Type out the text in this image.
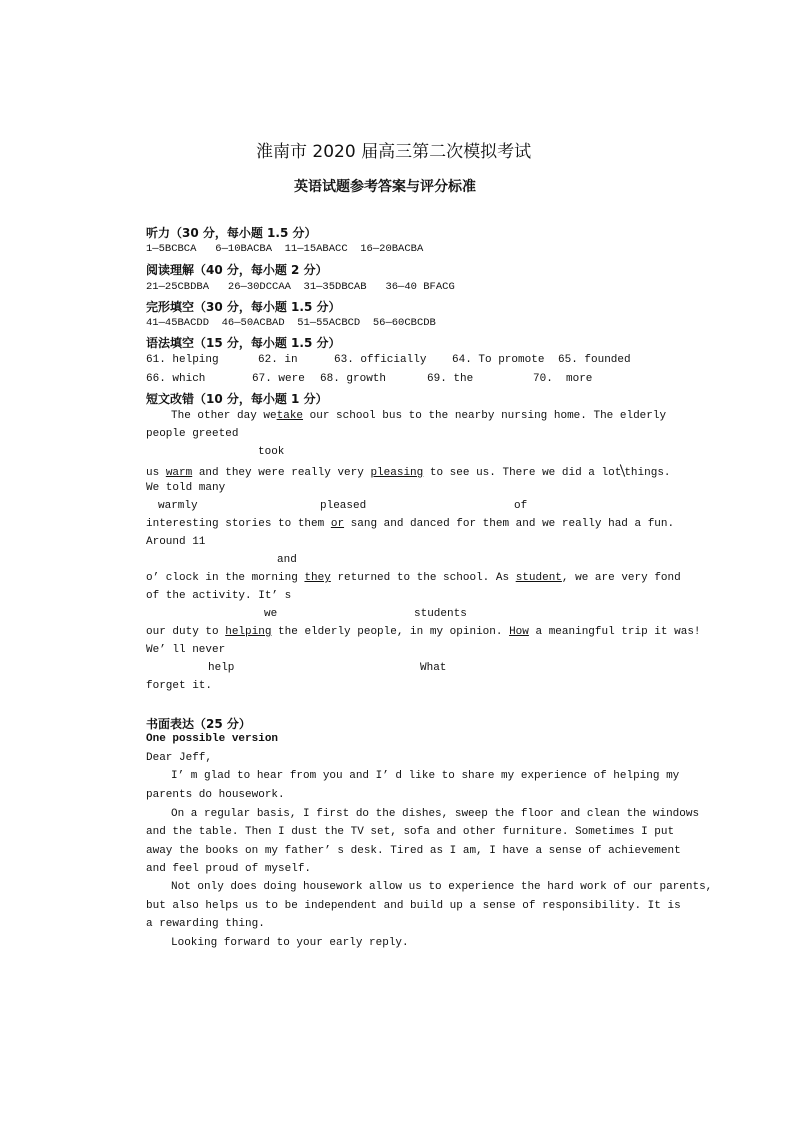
淮南市 2020 届高三第二次模拟考试
英语试题参考答案与评分标准
听力（30 分，每小题 1.5 分）
1—5BCBCA   6—10BACBA  11—15ABACC  16—20BACBA
阅读理解（40 分，每小题 2 分）
21—25CBDBA   26—30DCCAA  31—35DBCAB   36—40 BFACG
完形填空（30 分，每小题 1.5 分）
41—45BACDD  46—50ACBAD  51—55ACBCD  56—60CBCDB
语法填空（15 分，每小题 1.5 分）
61. helping	62. in	63. officially 64. To promote 65. founded
66. which	67. were 68. growth	69. the	70.  more
短文改错（10 分，每小题 1 分）
The other day wetake our school bus to the nearby nursing home. The elderly
people greeted
took
us warm and they were really very pleasing to see us. There we did a lot things.
We told many
warmly	pleased	of
interesting stories to them or sang and danced for them and we really had a fun.
Around 11
and
o’ clock in the morning they returned to the school. As student, we are very fond
of the activity. It’ s
we	students
our duty to helping the elderly people, in my opinion. How a meaningful trip it was!
We’ ll never
help	What
forget it.
书面表达（25 分）
One possible version
Dear Jeff,
I’ m glad to hear from you and I’ d like to share my experience of helping my
parents do housework.
On a regular basis, I first do the dishes, sweep the floor and clean the windows
and the table. Then I dust the TV set, sofa and other furniture. Sometimes I put
away the books on my father’ s desk. Tired as I am, I have a sense of achievement
and feel proud of myself.
Not only does doing housework allow us to experience the hard work of our parents,
but also helps us to be independent and build up a sense of responsibility. It is
a rewarding thing.
Looking forward to your early reply.
